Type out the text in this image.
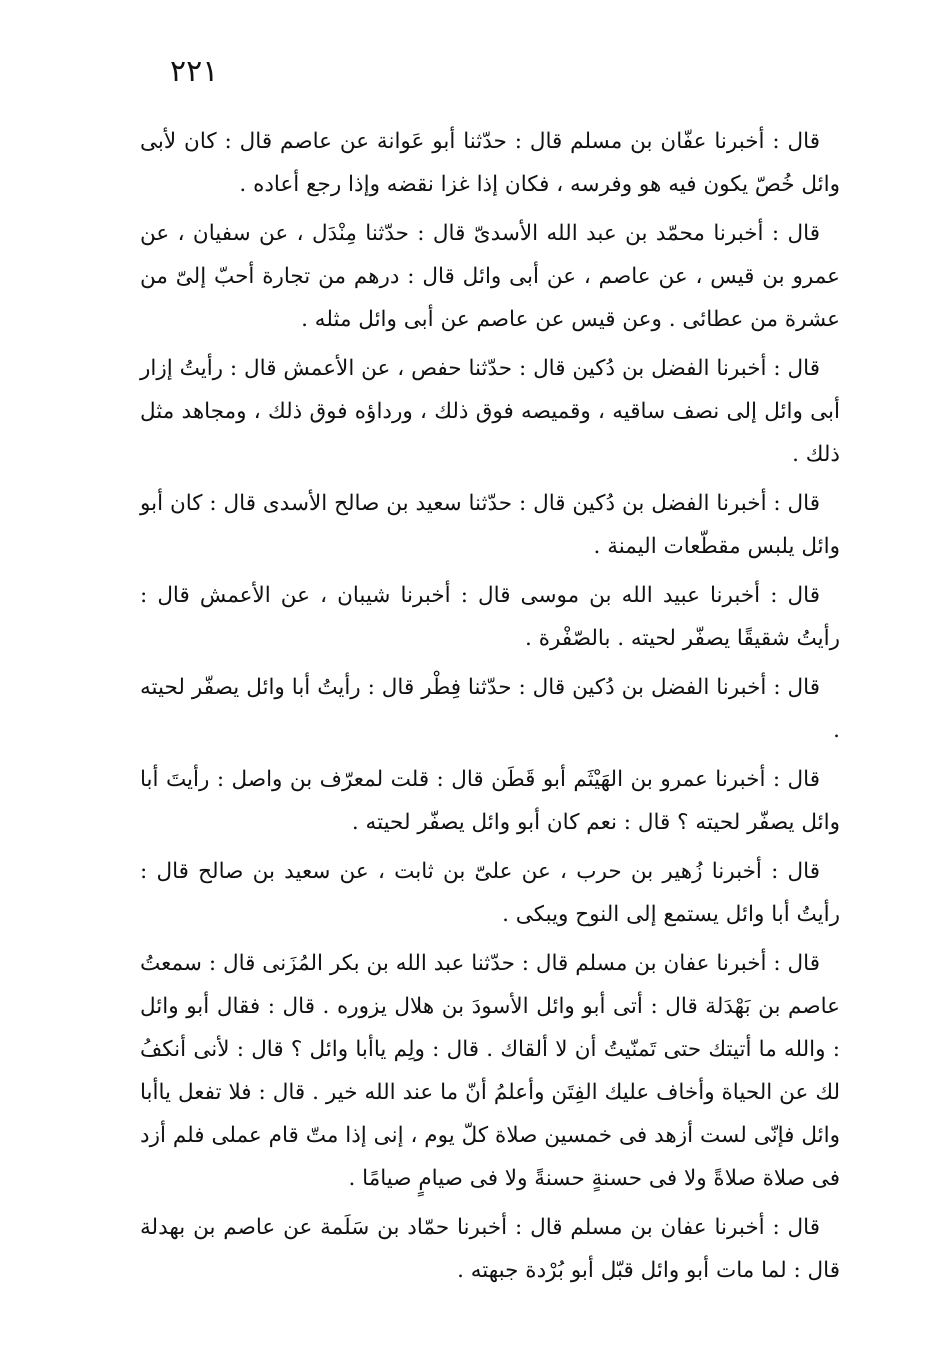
٢٢١

قال : أخبرنا عفّان بن مسلم قال : حدّثنا أبو عَوانة عن عاصم قال : كان لأبى وائل خُصّ يكون فيه هو وفرسه ، فكان إذا غزا نقضه وإذا رجع أعاده .

قال : أخبرنا محمّد بن عبد الله الأسدىّ قال : حدّثنا مِنْدَل ، عن سفيان ، عن عمرو بن قيس ، عن عاصم ، عن أبى وائل قال : درهم من تجارة أحبّ إلىّ من عشرة من عطائى . وعن قيس عن عاصم عن أبى وائل مثله .

قال : أخبرنا الفضل بن دُكين قال : حدّثنا حفص ، عن الأعمش قال : رأيتُ إزار أبى وائل إلى نصف ساقيه ، وقميصه فوق ذلك ، ورداؤه فوق ذلك ، ومجاهد مثل ذلك .

قال : أخبرنا الفضل بن دُكين قال : حدّثنا سعيد بن صالح الأسدى قال : كان أبو وائل يلبس مقطّعات اليمنة .

قال : أخبرنا عبيد الله بن موسى قال : أخبرنا شيبان ، عن الأعمش قال : رأيتُ شقيقًا يصفّر لحيته . بالصّفْرة .

قال : أخبرنا الفضل بن دُكين قال : حدّثنا فِطْر قال : رأيتُ أبا وائل يصفّر لحيته .

قال : أخبرنا عمرو بن الهَيْثَم أبو قَطَن قال : قلت لمعرّف بن واصل : رأيتَ أبا وائل يصفّر لحيته ؟ قال : نعم كان أبو وائل يصفّر لحيته .

قال : أخبرنا زُهير بن حرب ، عن علىّ بن ثابت ، عن سعيد بن صالح قال : رأيتُ أبا وائل يستمع إلى النوح ويبكى .

قال : أخبرنا عفان بن مسلم قال : حدّثنا عبد الله بن بكر المُزَنى قال : سمعتُ عاصم بن بَهْدَلة قال : أتى أبو وائل الأسودَ بن هلال يزوره . قال : فقال أبو وائل : والله ما أتيتك حتى تَمنّيتُ أن لا ألقاك . قال : ولِم ياأبا وائل ؟ قال : لأنى أنكفُ لك عن الحياة وأخاف عليك الفِتَن وأعلمُ أنّ ما عند الله خير . قال : فلا تفعل ياأبا وائل فإنّى لست أزهد فى خمسين صلاة كلّ يوم ، إنى إذا متّ قام عملى فلم أزد فى صلاة صلاةً ولا فى حسنةٍ حسنةً ولا فى صيامٍ صيامًا .

قال : أخبرنا عفان بن مسلم قال : أخبرنا حمّاد بن سَلَمة عن عاصم بن بهدلة قال : لما مات أبو وائل قبّل أبو بُرْدة جبهته .
